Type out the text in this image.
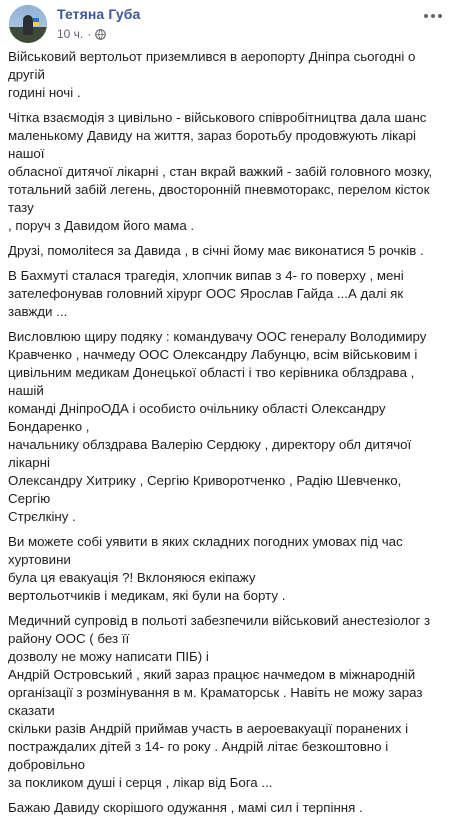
Тетяна Губа
10 ч. ·

Військовий вертольот приземлився в аеропорту Дніпра сьогодні о другій
годині ночі .

Чітка взаємодія з цивільно - військового співробітництва дала шанс
маленькому Давиду на життя, зараз боротьбу продовжують лікарі нашої
обласної дитячої лікарні , стан вкрай важкий - забій головного мозку,
тотальний забій легень, двосторонній пневмоторакс, перелом кісток тазу
, поруч з Давидом його мама .

Друзі, помоліteся за Давида , в січні йому має виконатися 5 рочків .

В Бахмуті сталася трагедія, хлопчик випав з 4- го поверху , мені
зателефонував головний хірург ООС Ярослав Гайда ...А далі як завжди ...

Висловлюю щиру подяку : командувачу ООС генералу Володимиру
Кравченко , начмеду ООС Олександру Лабунцю, всім військовим і
цивільним медикам Донецької області і тво керівника облздрава , нашій
команді ДніпроОДА і особисто очільнику області Олександру Бондаренко ,
начальнику облздрава Валерію Сердюку , директору обл дитячої лікарні
Олександру Хитрику , Сергію Криворотченко , Радію Шевченко, Сергію
Стрєлкіну .

Ви можете собі уявити в яких складних погодних умовах під час хуртовини
була ця евакуація ?! Вклоняюся екіпажу
вертольотчиків і медикам, які були на борту .

Медичний супровід в польоті забезпечили військовий анестезіолог з
району ООС ( без її
дозволу не можу написати ПІБ) і
Андрій Островський , який зараз працює начмедом в міжнародній
організації з розмінування в м. Краматорськ . Навіть не можу зараз сказати
скільки разів Андрій приймав участь в аероевакуації поранених і
постраждалих дітей з 14- го року . Андрій літає безкоштовно і добровільно
за покликом душі і серця , лікар від Бога ...

Бажаю Давиду скорішого одужання , мамі сил і терпіння .
